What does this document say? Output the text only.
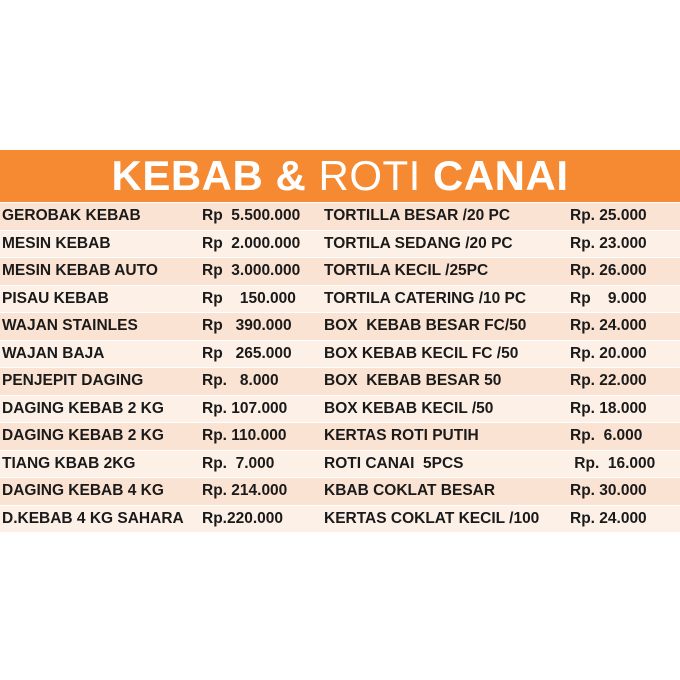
KEBAB & ROTI CANAI
GEROBAK KEBAB	Rp  5.500.000 TORTILLA BESAR /20 PC	Rp. 25.000
MESIN KEBAB	Rp  2.000.000 TORTILA SEDANG /20 PC	Rp. 23.000
MESIN KEBAB AUTO	Rp  3.000.000 TORTILA KECIL /25PC	Rp. 26.000
PISAU KEBAB	Rp    150.000 TORTILA CATERING /10 PC	Rp    9.000
WAJAN STAINLES	Rp   390.000 BOX  KEBAB BESAR FC/50	Rp. 24.000
WAJAN BAJA	Rp   265.000 BOX KEBAB KECIL FC /50	Rp. 20.000
PENJEPIT DAGING	Rp.   8.000	BOX  KEBAB BESAR 50	Rp. 22.000
DAGING KEBAB 2 KG Rp. 107.000 BOX KEBAB KECIL /50	Rp. 18.000
DAGING KEBAB 2 KG Rp. 110.000 KERTAS ROTI PUTIH	Rp.  6.000
TIANG KBAB 2KG	Rp.  7.000	ROTI CANAI  5PCS	Rp.  16.000
DAGING KEBAB 4 KG Rp. 214.000 KBAB COKLAT BESAR	Rp. 30.000
D.KEBAB 4 KG SAHARA Rp.220.000	KERTAS COKLAT KECIL /100 Rp. 24.000
